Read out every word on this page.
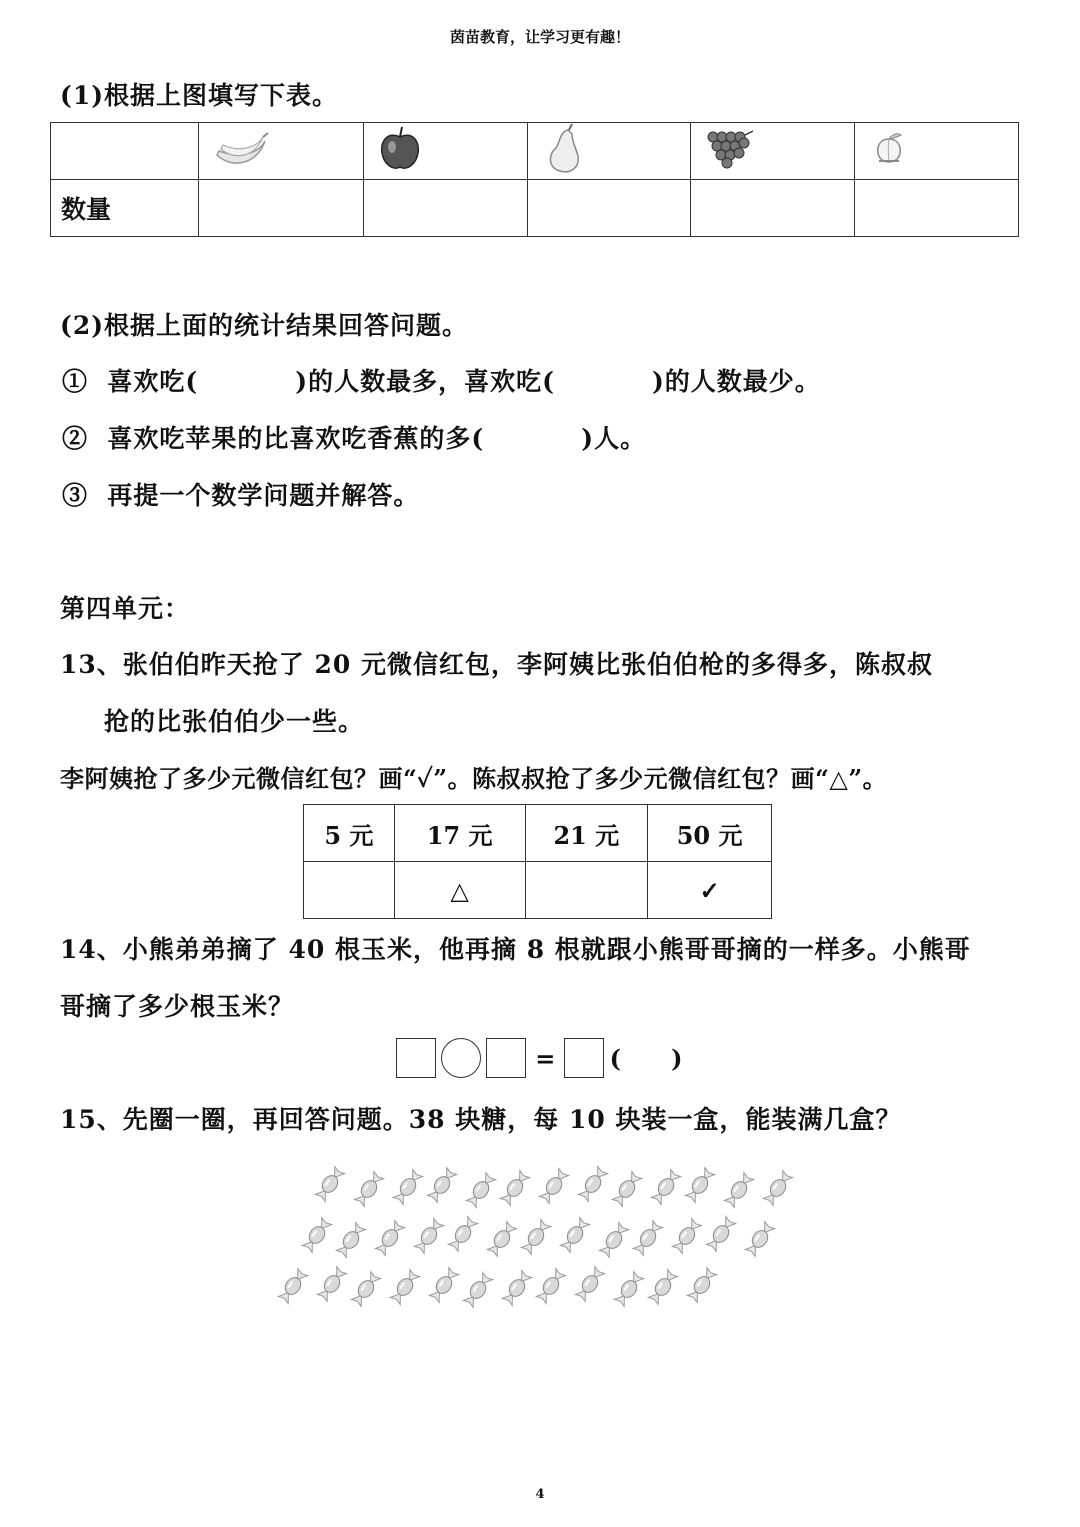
茵苗教育，让学习更有趣！
(1)根据上图填写下表。

数量					
(2)根据上面的统计结果回答问题。
①  喜欢吃(          )的人数最多，喜欢吃(          )的人数最少。
②  喜欢吃苹果的比喜欢吃香蕉的多(          )人。
③  再提一个数学问题并解答。
第四单元：
13、张伯伯昨天抢了 20 元微信红包，李阿姨比张伯伯枪的多得多，陈叔叔
抢的比张伯伯少一些。
李阿姨抢了多少元微信红包？画“✓”。陈叔叔抢了多少元微信红包？画“△”。
5 元	17 元	21 元	50 元
	△		✓
14、小熊弟弟摘了 40 根玉米，他再摘 8 根就跟小熊哥哥摘的一样多。小熊哥
哥摘了多少根玉米？
= (      )
15、先圈一圈，再回答问题。38 块糖，每 10 块装一盒，能装满几盒？
4
